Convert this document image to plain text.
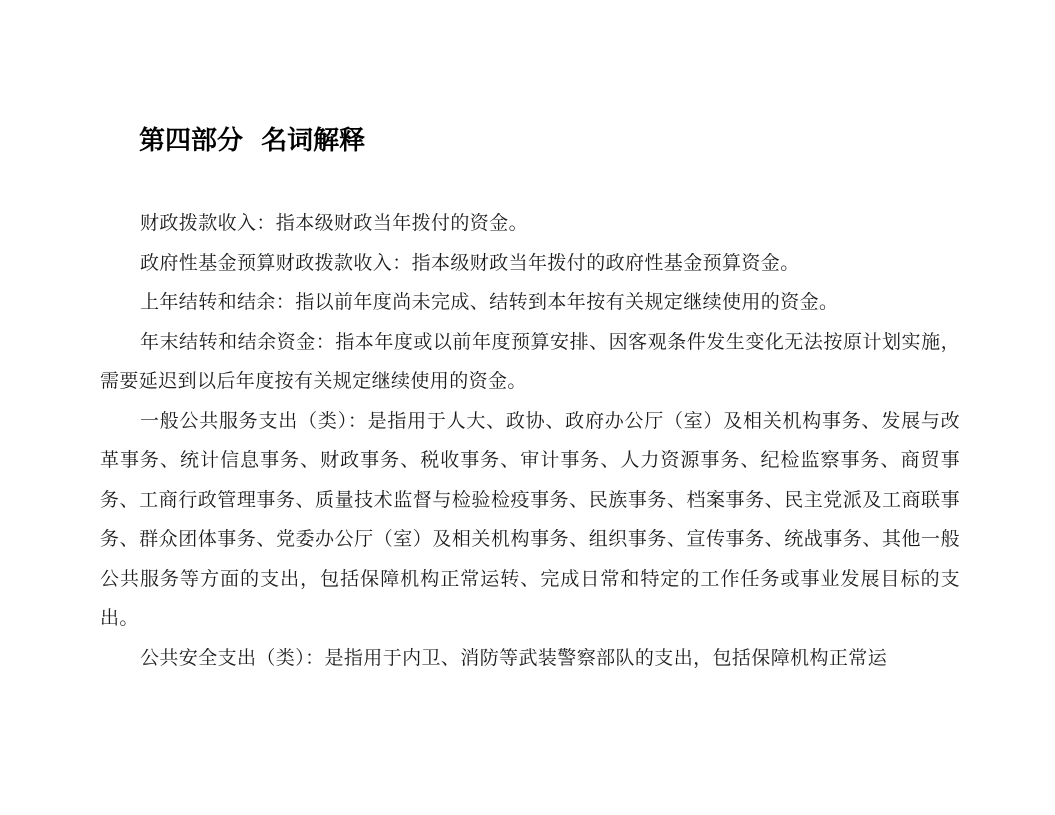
第四部分  名词解释

财政拨款收入：指本级财政当年拨付的资金。

政府性基金预算财政拨款收入：指本级财政当年拨付的政府性基金预算资金。

上年结转和结余：指以前年度尚未完成、结转到本年按有关规定继续使用的资金。

年末结转和结余资金：指本年度或以前年度预算安排、因客观条件发生变化无法按原计划实施，需要延迟到以后年度按有关规定继续使用的资金。

一般公共服务支出（类）：是指用于人大、政协、政府办公厅（室）及相关机构事务、发展与改革事务、统计信息事务、财政事务、税收事务、审计事务、人力资源事务、纪检监察事务、商贸事务、工商行政管理事务、质量技术监督与检验检疫事务、民族事务、档案事务、民主党派及工商联事务、群众团体事务、党委办公厅（室）及相关机构事务、组织事务、宣传事务、统战事务、其他一般公共服务等方面的支出，包括保障机构正常运转、完成日常和特定的工作任务或事业发展目标的支出。

公共安全支出（类）：是指用于内卫、消防等武装警察部队的支出，包括保障机构正常运
